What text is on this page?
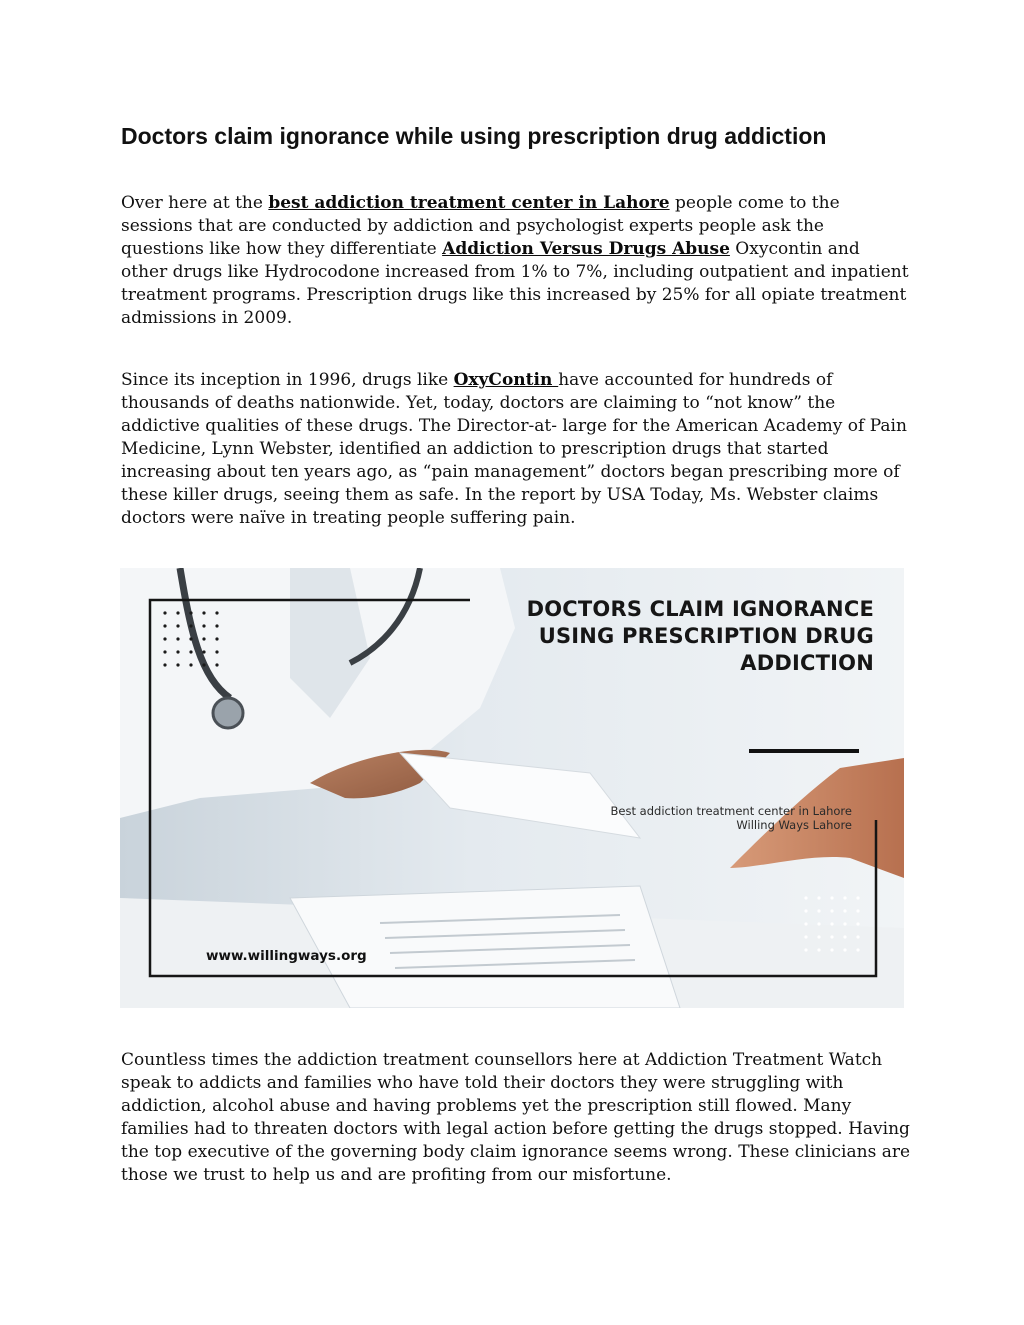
Doctors claim ignorance while using prescription drug addiction

Over here at the best addiction treatment center in Lahore people come to the sessions that are conducted by addiction and psychologist experts people ask the questions like how they differentiate Addiction Versus Drugs Abuse Oxycontin and other drugs like Hydrocodone increased from 1% to 7%, including outpatient and inpatient treatment programs. Prescription drugs like this increased by 25% for all opiate treatment admissions in 2009.

Since its inception in 1996, drugs like OxyContin have accounted for hundreds of thousands of deaths nationwide. Yet, today, doctors are claiming to “not know” the addictive qualities of these drugs. The Director-at- large for the American Academy of Pain Medicine, Lynn Webster, identified an addiction to prescription drugs that started increasing about ten years ago, as “pain management” doctors began prescribing more of these killer drugs, seeing them as safe. In the report by USA Today, Ms. Webster claims doctors were naïve in treating people suffering pain.

DOCTORS CLAIM IGNORANCE
USING PRESCRIPTION DRUG
ADDICTION
Best addiction treatment center in Lahore
Willing Ways Lahore
www.willingways.org

Countless times the addiction treatment counsellors here at Addiction Treatment Watch speak to addicts and families who have told their doctors they were struggling with addiction, alcohol abuse and having problems yet the prescription still flowed. Many families had to threaten doctors with legal action before getting the drugs stopped. Having the top executive of the governing body claim ignorance seems wrong. These clinicians are those we trust to help us and are profiting from our misfortune.
